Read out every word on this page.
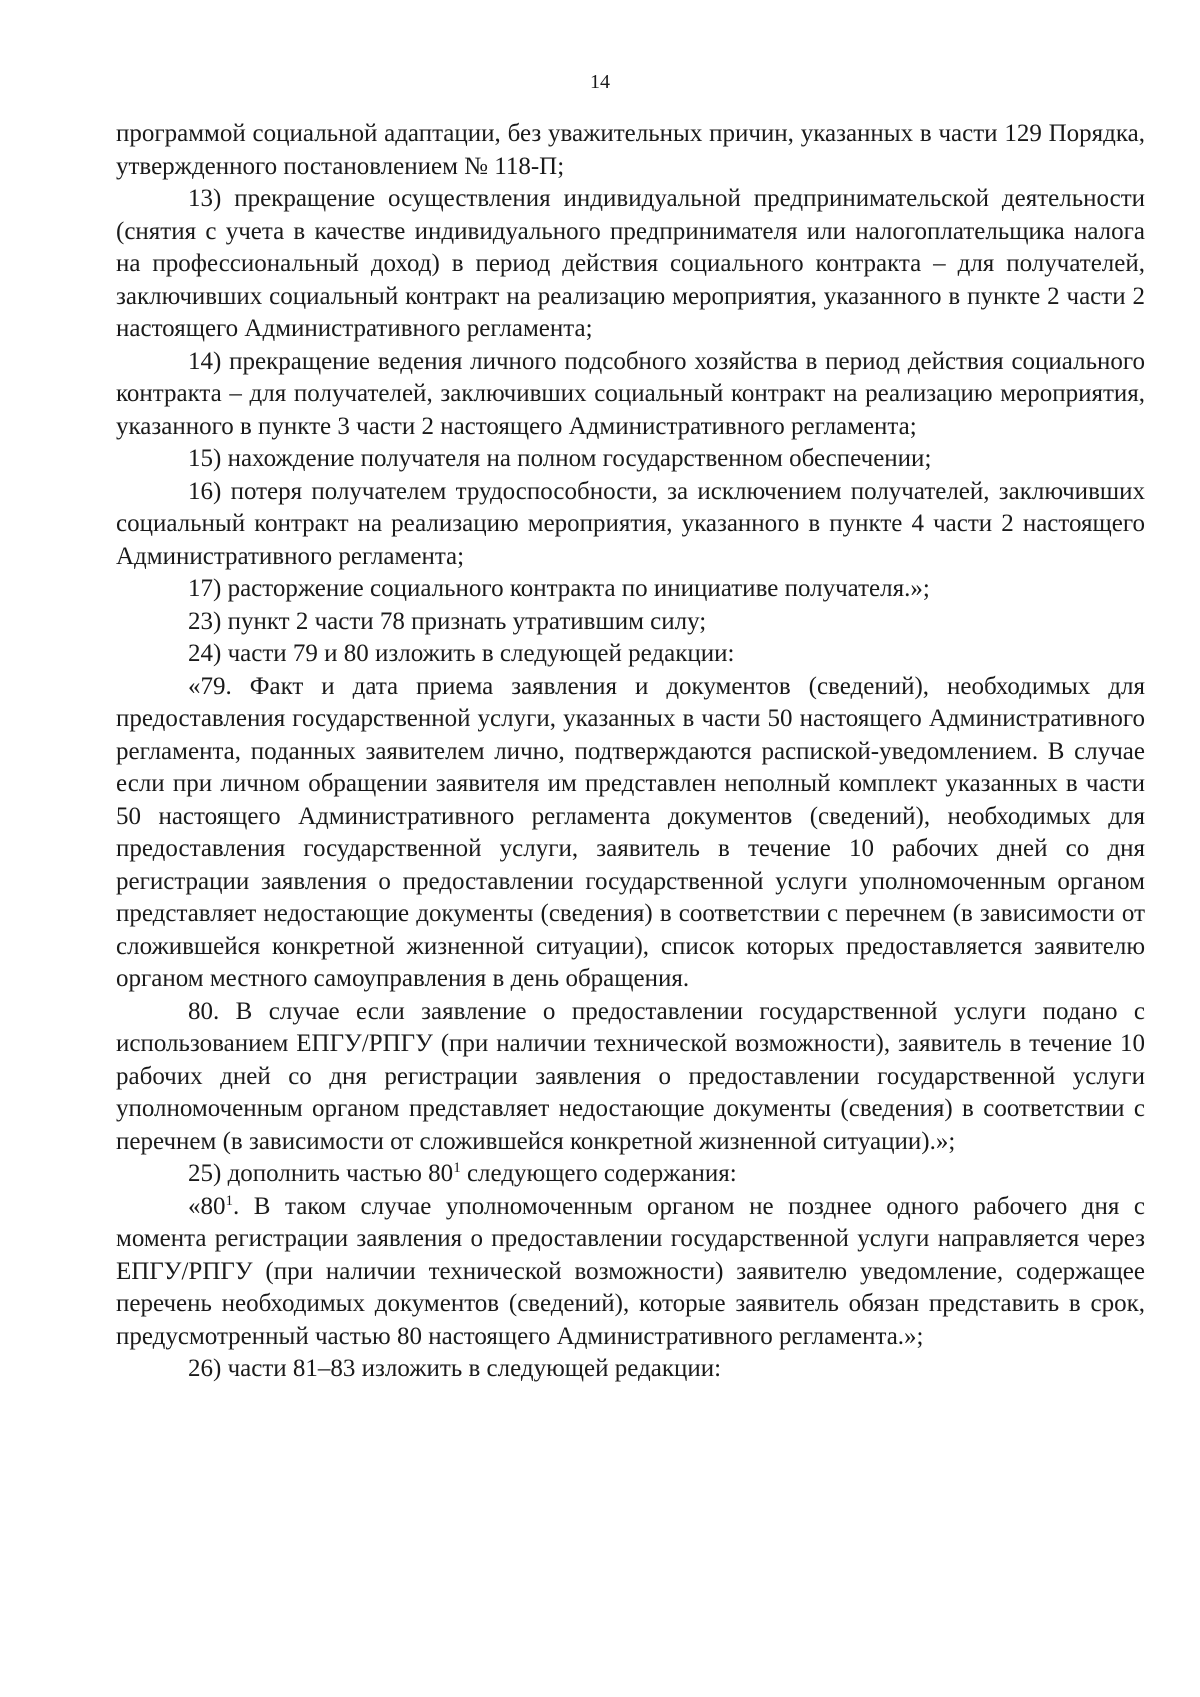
14

программой социальной адаптации, без уважительных причин, указанных в части 129 Порядка, утвержденного постановлением № 118-П;

13) прекращение осуществления индивидуальной предпринимательской деятельности (снятия с учета в качестве индивидуального предпринимателя или налогоплательщика налога на профессиональный доход) в период действия социального контракта – для получателей, заключивших социальный контракт на реализацию мероприятия, указанного в пункте 2 части 2 настоящего Административного регламента;

14) прекращение ведения личного подсобного хозяйства в период действия социального контракта – для получателей, заключивших социальный контракт на реализацию мероприятия, указанного в пункте 3 части 2 настоящего Административного регламента;

15) нахождение получателя на полном государственном обеспечении;

16) потеря получателем трудоспособности, за исключением получателей, заключивших социальный контракт на реализацию мероприятия, указанного в пункте 4 части 2 настоящего Административного регламента;

17) расторжение социального контракта по инициативе получателя.»;

23) пункт 2 части 78 признать утратившим силу;

24) части 79 и 80 изложить в следующей редакции:

«79. Факт и дата приема заявления и документов (сведений), необходимых для предоставления государственной услуги, указанных в части 50 настоящего Административного регламента, поданных заявителем лично, подтверждаются распиской-уведомлением. В случае если при личном обращении заявителя им представлен неполный комплект указанных в части 50 настоящего Административного регламента документов (сведений), необходимых для предоставления государственной услуги, заявитель в течение 10 рабочих дней со дня регистрации заявления о предоставлении государственной услуги уполномоченным органом представляет недостающие документы (сведения) в соответствии с перечнем (в зависимости от сложившейся конкретной жизненной ситуации), список которых предоставляется заявителю органом местного самоуправления в день обращения.

80. В случае если заявление о предоставлении государственной услуги подано с использованием ЕПГУ/РПГУ (при наличии технической возможности), заявитель в течение 10 рабочих дней со дня регистрации заявления о предоставлении государственной услуги уполномоченным органом представляет недостающие документы (сведения) в соответствии с перечнем (в зависимости от сложившейся конкретной жизненной ситуации).»;

25) дополнить частью $80^1$ следующего содержания:

«$80^1$. В таком случае уполномоченным органом не позднее одного рабочего дня с момента регистрации заявления о предоставлении государственной услуги направляется через ЕПГУ/РПГУ (при наличии технической возможности) заявителю уведомление, содержащее перечень необходимых документов (сведений), которые заявитель обязан представить в срок, предусмотренный частью 80 настоящего Административного регламента.»;

26) части 81–83 изложить в следующей редакции:
